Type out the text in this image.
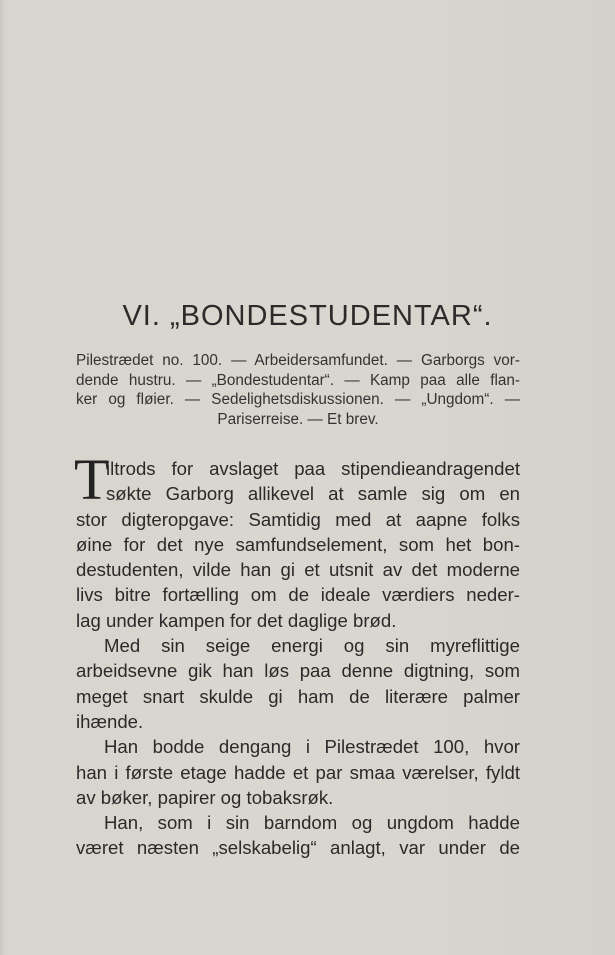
VI. „BONDESTUDENTAR“.
Pilestrædet no. 100. — Arbeidersamfundet. — Garborgs vor-
dende hustru. — „Bondestudentar“. — Kamp paa alle flan-
ker og fløier. — Sedelighetsdiskussionen. — „Ungdom“. —
Pariserreise. — Et brev.
T
iltrods for avslaget paa stipendieandragendet
søkte Garborg allikevel at samle sig om en
stor digteropgave: Samtidig med at aapne folks
øine for det nye samfundselement, som het bon-
destudenten, vilde han gi et utsnit av det moderne
livs bitre fortælling om de ideale værdiers neder-
lag under kampen for det daglige brød.
Med sin seige energi og sin myreflittige
arbeidsevne gik han løs paa denne digtning, som
meget snart skulde gi ham de literære palmer
ihænde.
Han bodde dengang i Pilestrædet 100, hvor
han i første etage hadde et par smaa værelser, fyldt
av bøker, papirer og tobaksrøk.
Han, som i sin barndom og ungdom hadde
været næsten „selskabelig“ anlagt, var under de
